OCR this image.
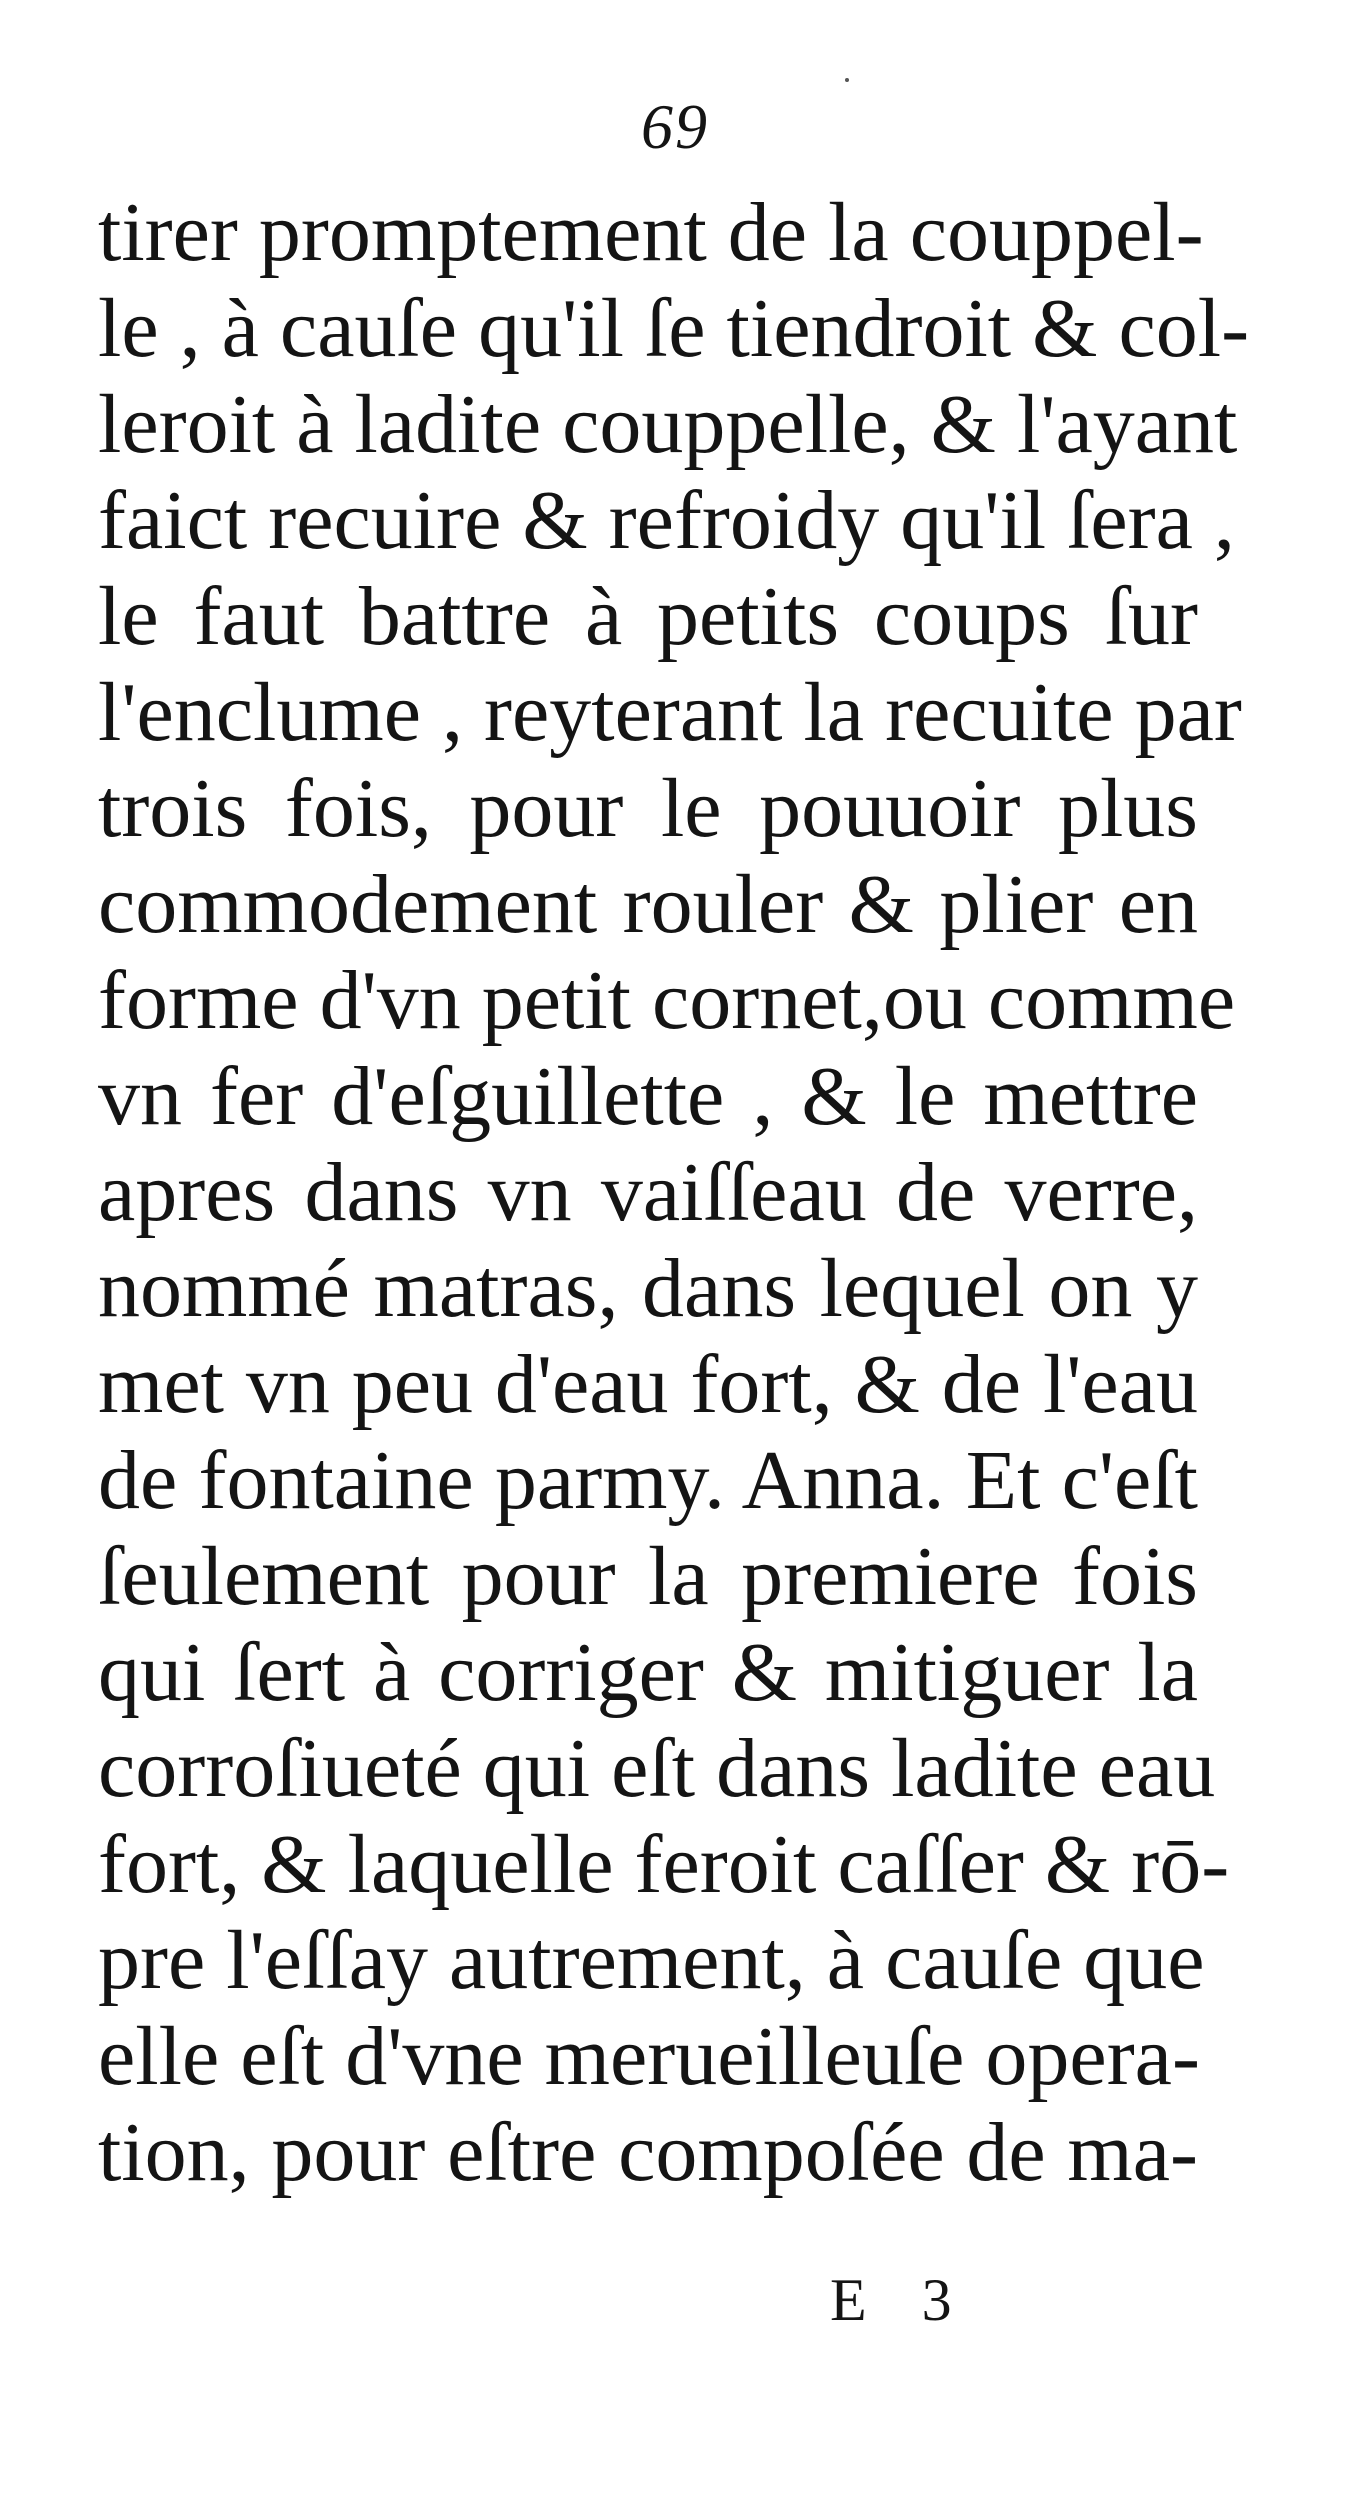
69
tirer promptement de la couppel-
le , à cauſe qu'il ſe tiendroit & col-
leroit à ladite couppelle, & l'ayant
faict recuire & refroidy qu'il ſera ,
le faut battre à petits coups ſur
l'enclume , reyterant la recuite par
trois fois, pour le pouuoir plus
commodement rouler & plier en
forme d'vn petit cornet,ou comme
vn fer d'eſguillette , & le mettre
apres dans vn vaiſſeau de verre,
nommé matras, dans lequel on y
met vn peu d'eau fort, & de l'eau
de fontaine parmy. Anna. Et c'eſt
ſeulement pour la premiere fois
qui ſert à corriger & mitiguer la
corroſiueté qui eſt dans ladite eau
fort, & laquelle feroit caſſer & rō-
pre l'eſſay autrement, à cauſe que
elle eſt d'vne merueilleuſe opera-
tion, pour eſtre compoſée de ma-
E 3
